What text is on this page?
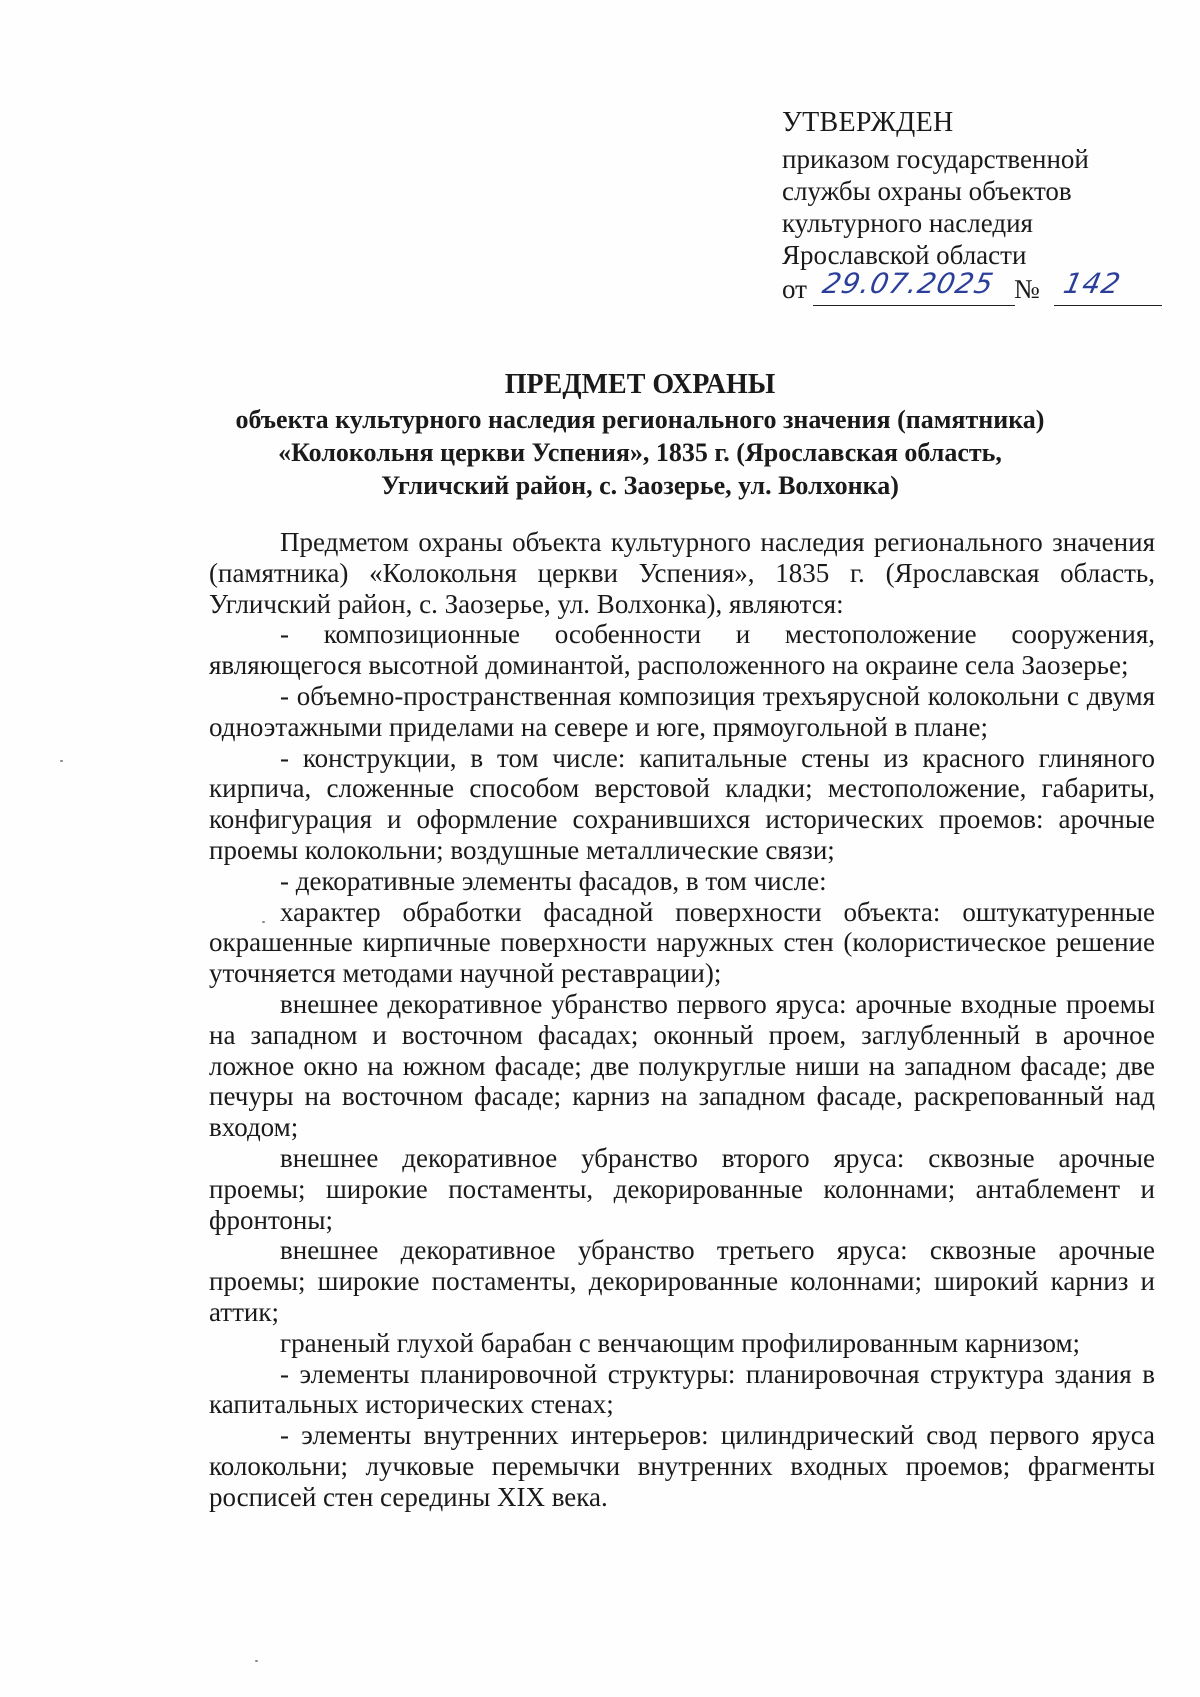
УТВЕРЖДЕН
приказом государственной
службы охраны объектов
культурного наследия
Ярославской области
от 29.07.2025 № 142
ПРЕДМЕТ ОХРАНЫ
объекта культурного наследия регионального значения (памятника)
«Колокольня церкви Успения», 1835 г. (Ярославская область,
Угличский район, с. Заозерье, ул. Волхонка)

Предметом охраны объекта культурного наследия регионального значения (памятника) «Колокольня церкви Успения», 1835 г. (Ярославская область, Угличский район, с. Заозерье, ул. Волхонка), являются:

- композиционные особенности и местоположение сооружения, являющегося высотной доминантой, расположенного на окраине села Заозерье;

- объемно-пространственная композиция трехъярусной колокольни с двумя одноэтажными приделами на севере и юге, прямоугольной в плане;

- конструкции, в том числе: капитальные стены из красного глиняного кирпича, сложенные способом верстовой кладки; местоположение, габариты, конфигурация и оформление сохранившихся исторических проемов: арочные проемы колокольни; воздушные металлические связи;

- декоративные элементы фасадов, в том числе:

характер обработки фасадной поверхности объекта: оштукатуренные окрашенные кирпичные поверхности наружных стен (колористическое решение уточняется методами научной реставрации);

внешнее декоративное убранство первого яруса: арочные входные проемы на западном и восточном фасадах; оконный проем, заглубленный в арочное ложное окно на южном фасаде; две полукруглые ниши на западном фасаде; две печуры на восточном фасаде; карниз на западном фасаде, раскрепованный над входом;

внешнее декоративное убранство второго яруса: сквозные арочные проемы; широкие постаменты, декорированные колоннами; антаблемент и фронтоны;

внешнее декоративное убранство третьего яруса: сквозные арочные проемы; широкие постаменты, декорированные колоннами; широкий карниз и аттик;

граненый глухой барабан с венчающим профилированным карнизом;

- элементы планировочной структуры: планировочная структура здания в капитальных исторических стенах;

- элементы внутренних интерьеров: цилиндрический свод первого яруса колокольни; лучковые перемычки внутренних входных проемов; фрагменты росписей стен середины XIX века.
